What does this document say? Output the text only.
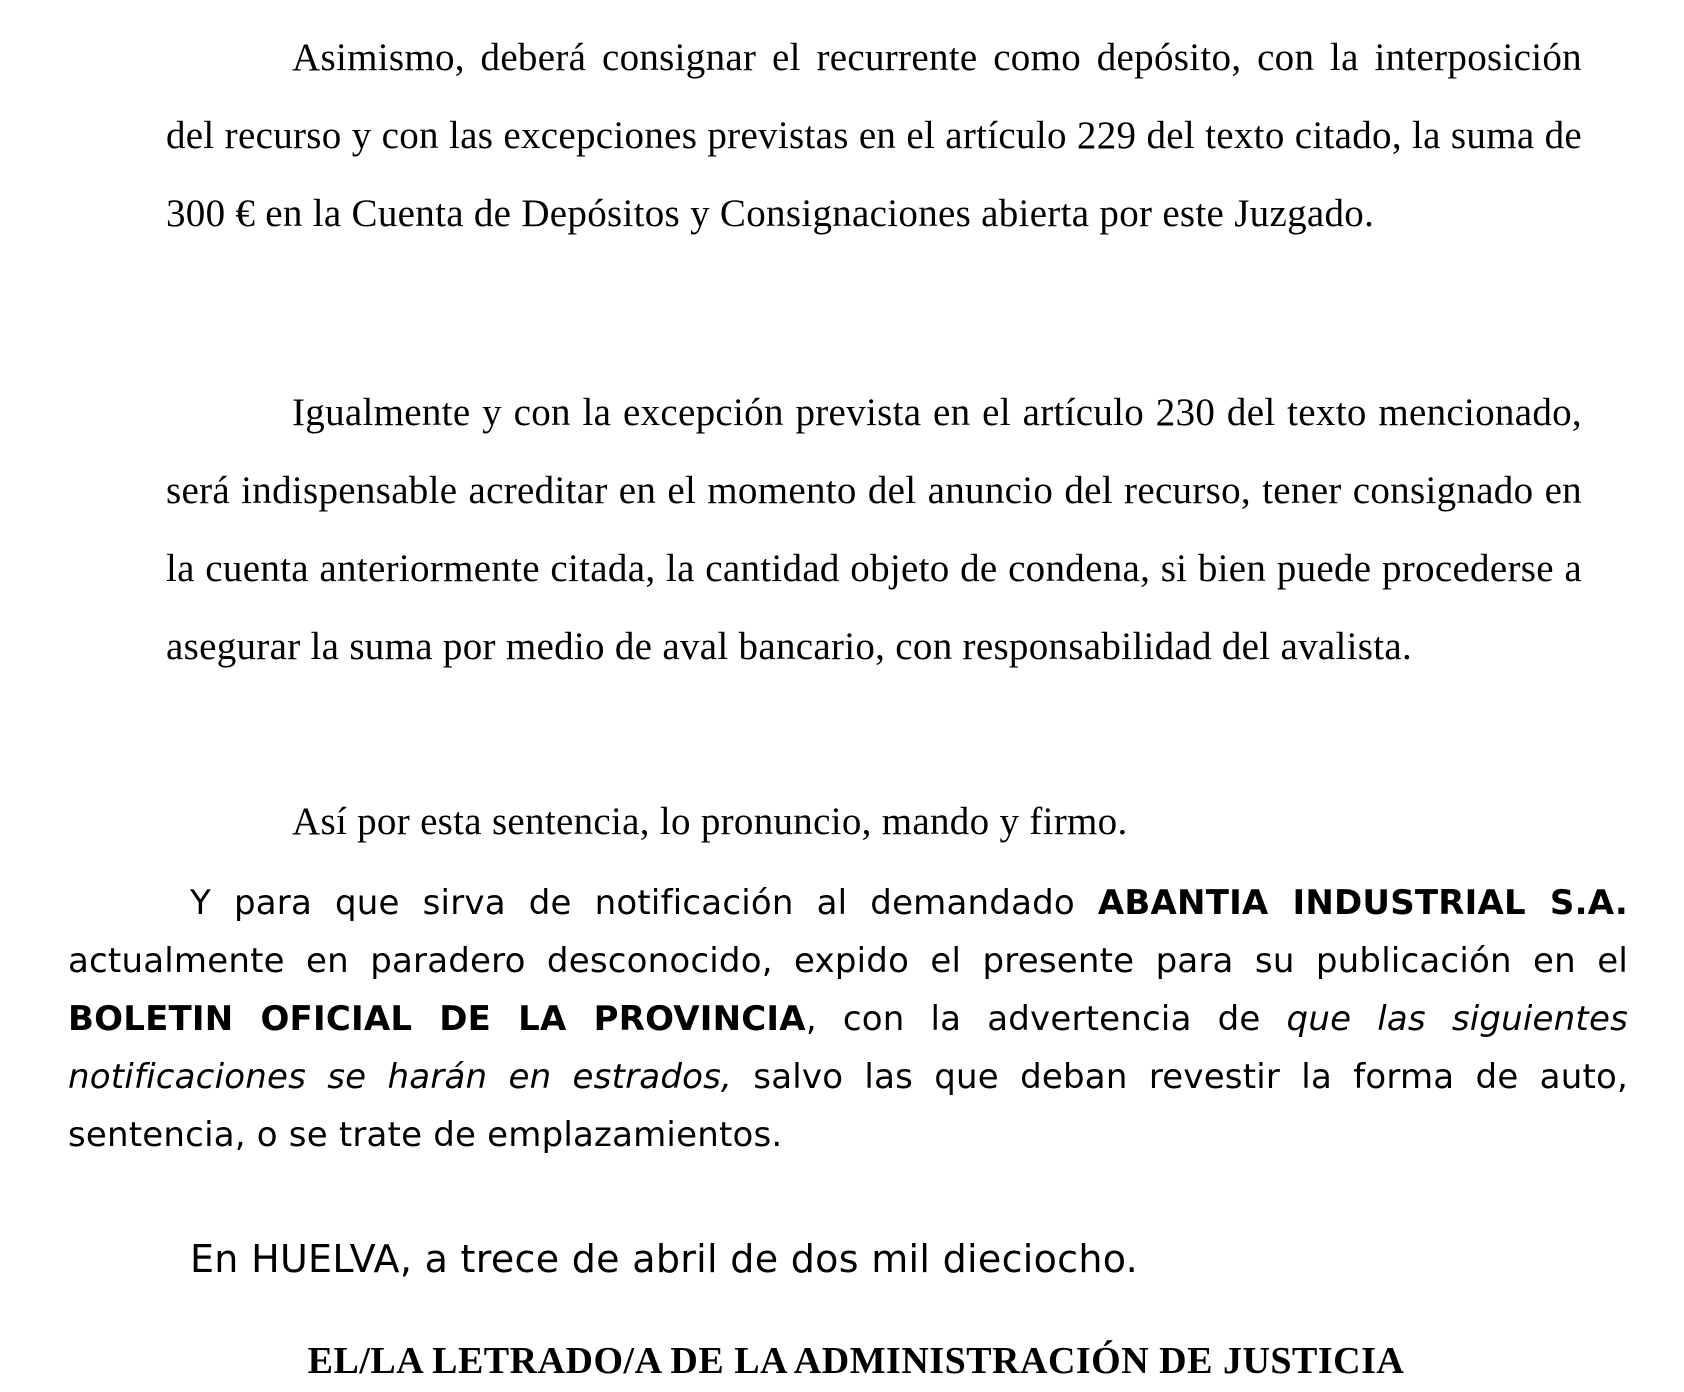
Asimismo, deberá consignar el recurrente como depósito, con la interposición del recurso y con las excepciones previstas en el artículo 229 del texto citado, la suma de 300 € en la Cuenta de Depósitos y Consignaciones abierta por este Juzgado.
Igualmente y con la excepción prevista en el artículo 230 del texto mencionado, será indispensable acreditar en el momento del anuncio del recurso, tener consignado en la cuenta anteriormente citada, la cantidad objeto de condena, si bien puede procederse a asegurar la suma por medio de aval bancario, con responsabilidad del avalista.
Así por esta sentencia, lo pronuncio, mando y firmo.
Y para que sirva de notificación al demandado ABANTIA INDUSTRIAL S.A. actualmente en paradero desconocido, expido el presente para su publicación en el BOLETIN OFICIAL DE LA PROVINCIA, con la advertencia de que las siguientes notificaciones se harán en estrados, salvo las que deban revestir la forma de auto, sentencia, o se trate de emplazamientos.
En HUELVA, a trece de abril de dos mil dieciocho.
EL/LA LETRADO/A DE LA ADMINISTRACIÓN DE JUSTICIA
